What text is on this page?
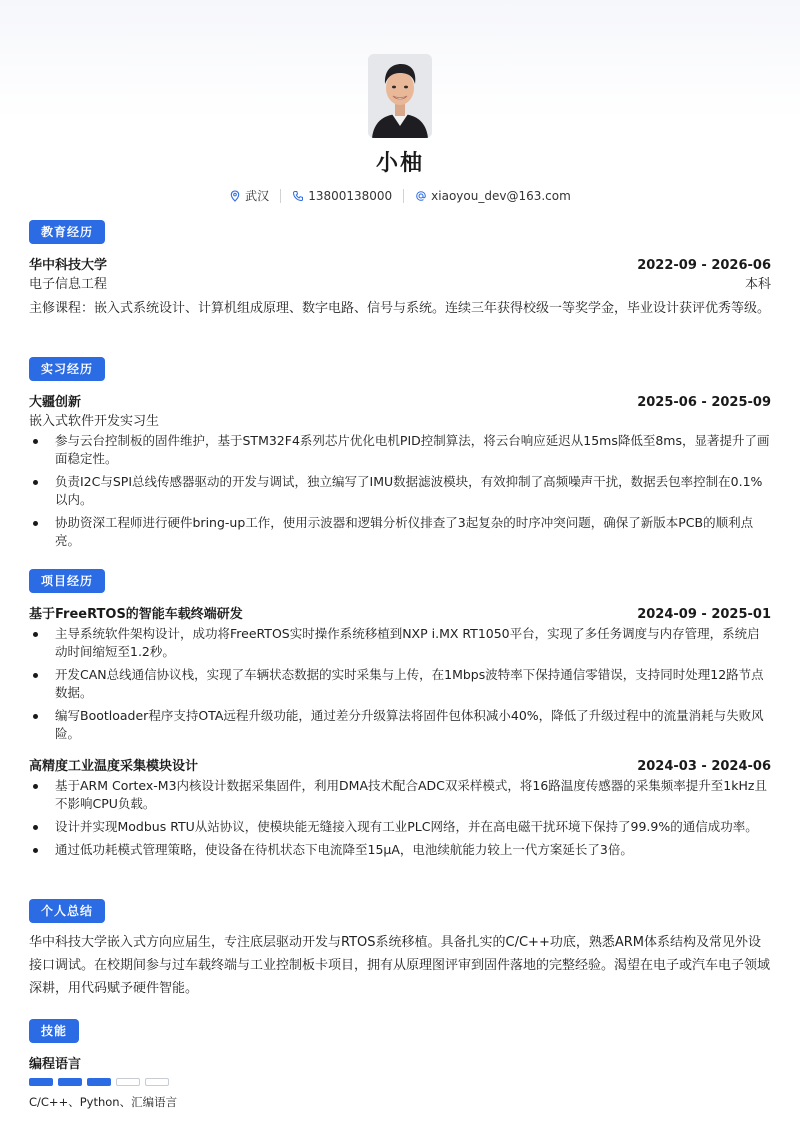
小柚
武汉	13800138000	xiaoyou_dev@163.com
教育经历
华中科技大学	2022-09 - 2026-06
电子信息工程	本科
主修课程：嵌入式系统设计、计算机组成原理、数字电路、信号与系统。连续三年获得校级一等奖学金，毕业设计获评优秀等级。
实习经历
大疆创新	2025-06 - 2025-09
嵌入式软件开发实习生
参与云台控制板的固件维护，基于STM32F4系列芯片优化电机PID控制算法，将云台响应延迟从15ms降低至8ms，显著提升了画面稳定性。
负责I2C与SPI总线传感器驱动的开发与调试，独立编写了IMU数据滤波模块，有效抑制了高频噪声干扰，数据丢包率控制在0.1%以内。
协助资深工程师进行硬件bring-up工作，使用示波器和逻辑分析仪排查了3起复杂的时序冲突问题，确保了新版本PCB的顺利点亮。
项目经历
基于FreeRTOS的智能车载终端研发	2024-09 - 2025-01
主导系统软件架构设计，成功将FreeRTOS实时操作系统移植到NXP i.MX RT1050平台，实现了多任务调度与内存管理，系统启动时间缩短至1.2秒。
开发CAN总线通信协议栈，实现了车辆状态数据的实时采集与上传，在1Mbps波特率下保持通信零错误，支持同时处理12路节点数据。
编写Bootloader程序支持OTA远程升级功能，通过差分升级算法将固件包体积减小40%，降低了升级过程中的流量消耗与失败风险。
高精度工业温度采集模块设计	2024-03 - 2024-06
基于ARM Cortex-M3内核设计数据采集固件，利用DMA技术配合ADC双采样模式，将16路温度传感器的采集频率提升至1kHz且不影响CPU负载。
设计并实现Modbus RTU从站协议，使模块能无缝接入现有工业PLC网络，并在高电磁干扰环境下保持了99.9%的通信成功率。
通过低功耗模式管理策略，使设备在待机状态下电流降至15μA，电池续航能力较上一代方案延长了3倍。
个人总结
华中科技大学嵌入式方向应届生，专注底层驱动开发与RTOS系统移植。具备扎实的C/C++功底，熟悉ARM体系结构及常见外设接口调试。在校期间参与过车载终端与工业控制板卡项目，拥有从原理图评审到固件落地的完整经验。渴望在电子或汽车电子领域深耕，用代码赋予硬件智能。
技能
编程语言
C/C++、Python、汇编语言
